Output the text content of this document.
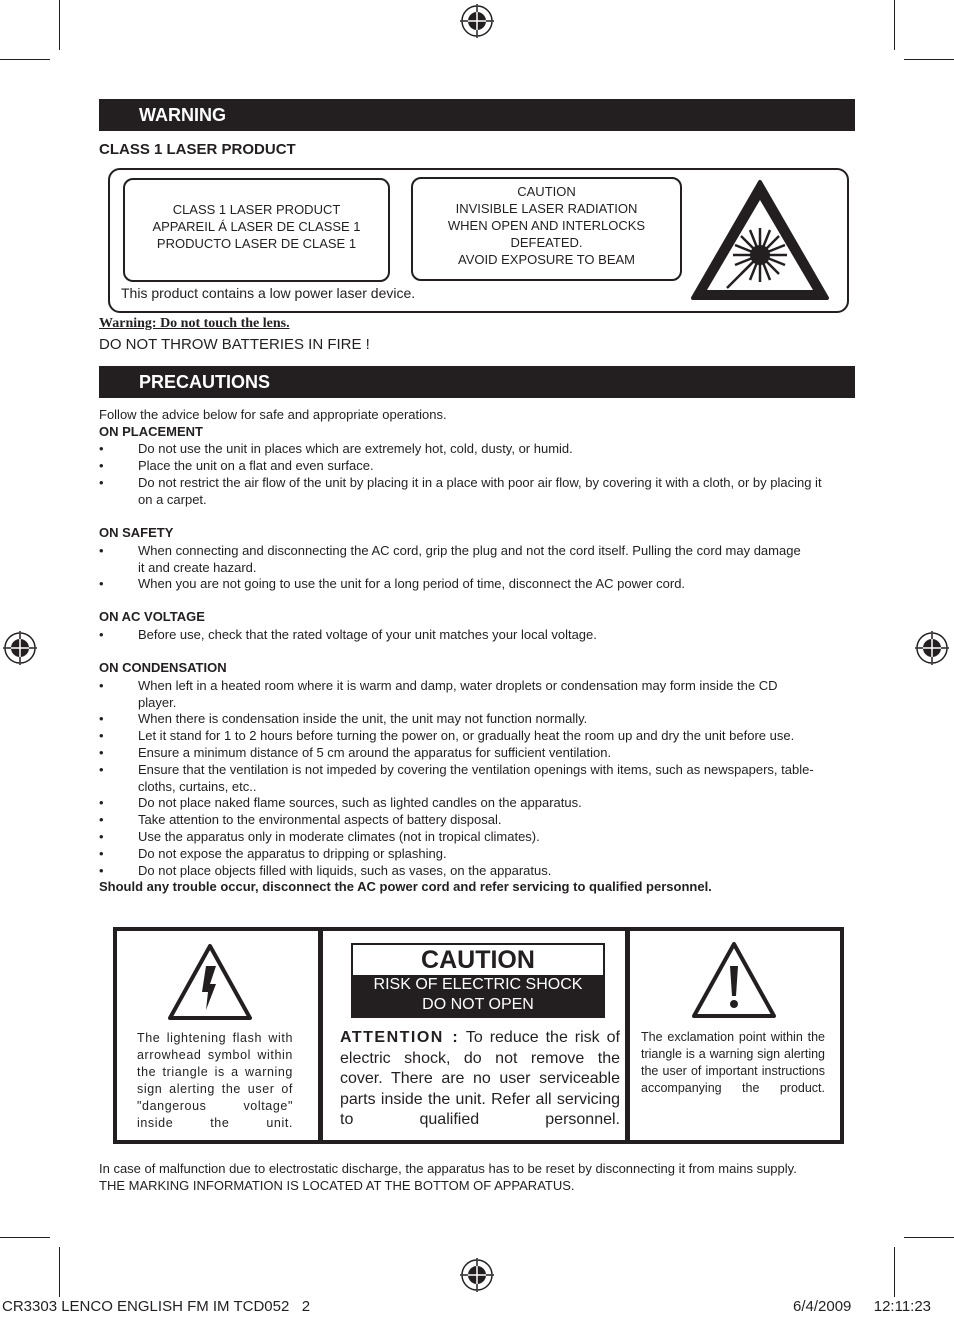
WARNING
CLASS 1 LASER PRODUCT
CLASS 1 LASER PRODUCT
APPAREIL Á LASER DE CLASSE 1
PRODUCTO LASER DE CLASE 1
CAUTION
INVISIBLE LASER RADIATION
WHEN OPEN AND INTERLOCKS
DEFEATED.
AVOID EXPOSURE TO BEAM
This product contains a low power laser device.
Warning: Do not touch the lens.
DO NOT THROW BATTERIES IN FIRE !
PRECAUTIONS
Follow the advice below for safe and appropriate operations.
ON PLACEMENT
•	Do not use the unit in places which are extremely hot, cold, dusty, or humid.
•	Place the unit on a flat and even surface.
•	Do not restrict the air flow of the unit by placing it in a place with poor air flow, by covering it with a cloth, or by placing it on a carpet.
ON SAFETY
•	When connecting and disconnecting the AC cord, grip the plug and not the cord itself. Pulling the cord may damage it and create hazard.
•	When you are not going to use the unit for a long period of time, disconnect the AC power cord.
ON AC VOLTAGE
•	Before use, check that the rated voltage of your unit matches your local voltage.
ON CONDENSATION
•	When left in a heated room where it is warm and damp, water droplets or condensation may form inside the CD player.
•	When there is condensation inside the unit, the unit may not function normally.
•	Let it stand for 1 to 2 hours before turning the power on, or gradually heat the room up and dry the unit before use.
•	Ensure a minimum distance of 5 cm around the apparatus for sufficient ventilation.
•	Ensure that the ventilation is not impeded by covering the ventilation openings with items, such as newspapers, table-cloths, curtains, etc..
•	Do not place naked flame sources, such as lighted candles on the apparatus.
•	Take attention to the environmental aspects of battery disposal.
•	Use the apparatus only in moderate climates (not in tropical climates).
•	Do not expose the apparatus to dripping or splashing.
•	Do not place objects filled with liquids, such as vases, on the apparatus.
Should any trouble occur, disconnect the AC power cord and refer servicing to qualified personnel.
The lightening flash with arrowhead symbol within the triangle is a warning sign alerting the user of "dangerous voltage" inside the unit.
CAUTION
RISK OF ELECTRIC SHOCK
DO NOT OPEN
ATTENTION : To reduce the risk of electric shock, do not remove the cover. There are no user serviceable parts inside the unit. Refer all servicing to qualified personnel.
The exclamation point within the triangle is a warning sign alerting the user of important instructions accompanying the product.
In case of malfunction due to electrostatic discharge, the apparatus has to be reset by disconnecting it from mains supply.
THE MARKING INFORMATION IS LOCATED AT THE BOTTOM OF APPARATUS.
CR3303 LENCO ENGLISH FM IM TCD052   2	6/4/2009 12:11:23
